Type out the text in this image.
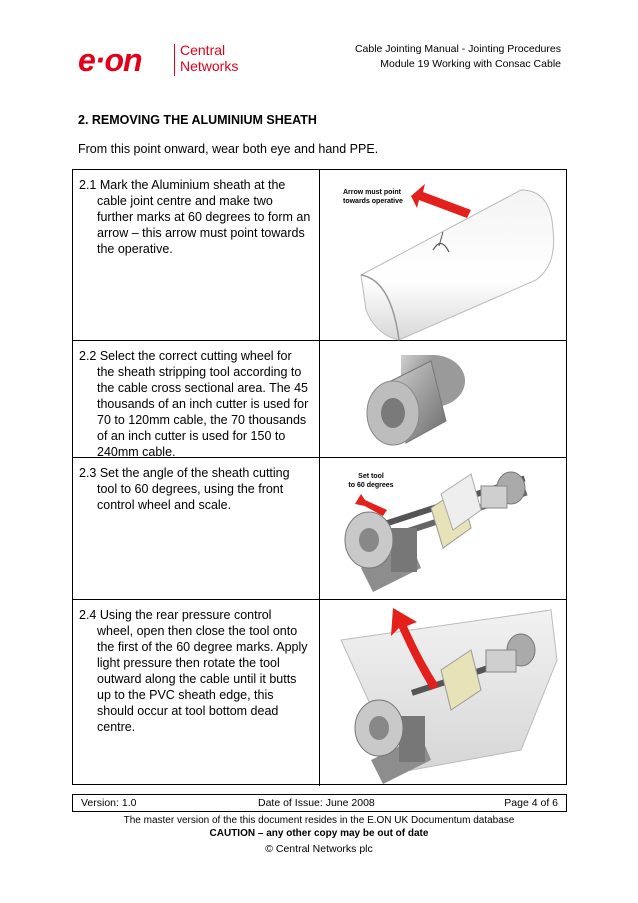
e·on	Central
Networks
Cable Jointing Manual - Jointing Procedures
Module 19 Working with Consac Cable
2. REMOVING THE ALUMINIUM SHEATH
From this point onward, wear both eye and hand PPE.
2.1 Mark the Aluminium sheath at the cable joint centre and make two further marks at 60 degrees to form an arrow – this arrow must point towards the operative.
Arrow must point
towards operative
2.2 Select the correct cutting wheel for the sheath stripping tool according to the cable cross sectional area. The 45 thousands of an inch cutter is used for 70 to 120mm cable, the 70 thousands of an inch cutter is used for 150 to 240mm cable.
2.3 Set the angle of the sheath cutting tool to 60 degrees, using the front control wheel and scale.
Set tool
to 60 degrees
2.4 Using the rear pressure control wheel, open then close the tool onto the first of the 60 degree marks. Apply light pressure then rotate the tool outward along the cable until it butts up to the PVC sheath edge, this should occur at tool bottom dead centre.
Version: 1.0	Date of Issue: June 2008	Page 4 of 6
The master version of the this document resides in the E.ON UK Documentum database
CAUTION – any other copy may be out of date
© Central Networks plc
